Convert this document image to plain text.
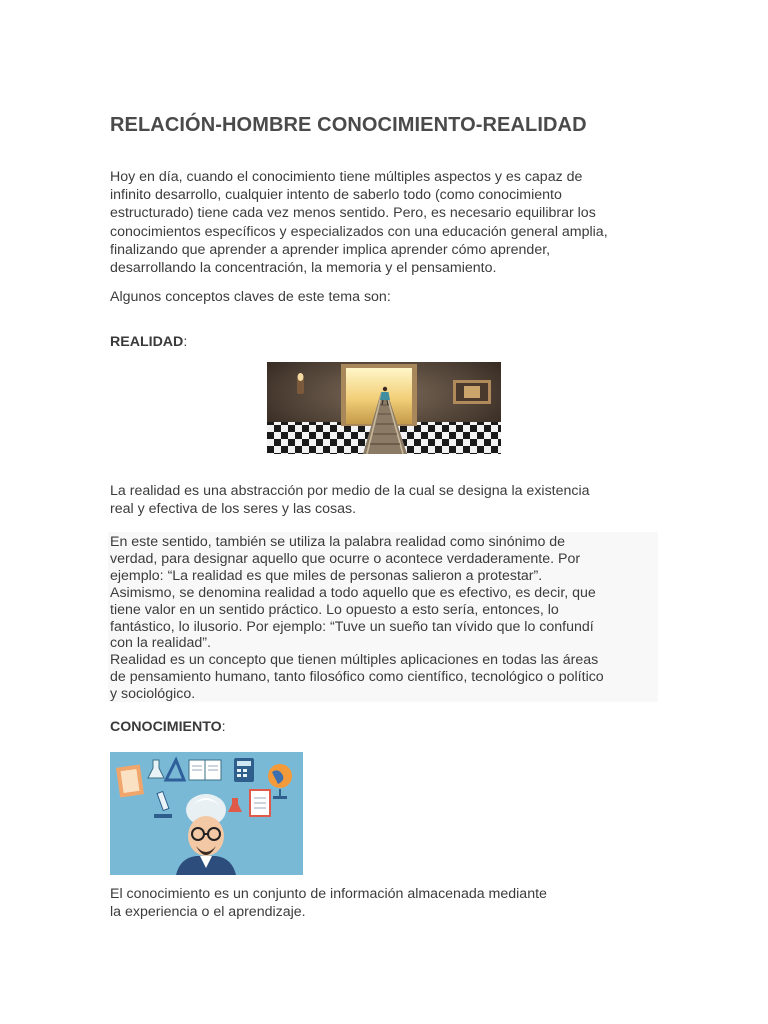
RELACIÓN-HOMBRE CONOCIMIENTO-REALIDAD
Hoy en día, cuando el conocimiento tiene múltiples aspectos y es capaz de
infinito desarrollo, cualquier intento de saberlo todo (como conocimiento
estructurado) tiene cada vez menos sentido. Pero, es necesario equilibrar los
conocimientos específicos y especializados con una educación general amplia,
finalizando que aprender a aprender implica aprender cómo aprender,
desarrollando la concentración, la memoria y el pensamiento.
Algunos conceptos claves de este tema son:
REALIDAD:
La realidad es una abstracción por medio de la cual se designa la existencia
real y efectiva de los seres y las cosas.
En este sentido, también se utiliza la palabra realidad como sinónimo de
verdad, para designar aquello que ocurre o acontece verdaderamente. Por
ejemplo: “La realidad es que miles de personas salieron a protestar”.
Asimismo, se denomina realidad a todo aquello que es efectivo, es decir, que
tiene valor en un sentido práctico. Lo opuesto a esto sería, entonces, lo
fantástico, lo ilusorio. Por ejemplo: “Tuve un sueño tan vívido que lo confundí
con la realidad”.
Realidad es un concepto que tienen múltiples aplicaciones en todas las áreas
de pensamiento humano, tanto filosófico como científico, tecnológico o político
y sociológico.
CONOCIMIENTO:
El conocimiento es un conjunto de información almacenada mediante
la experiencia o el aprendizaje.
